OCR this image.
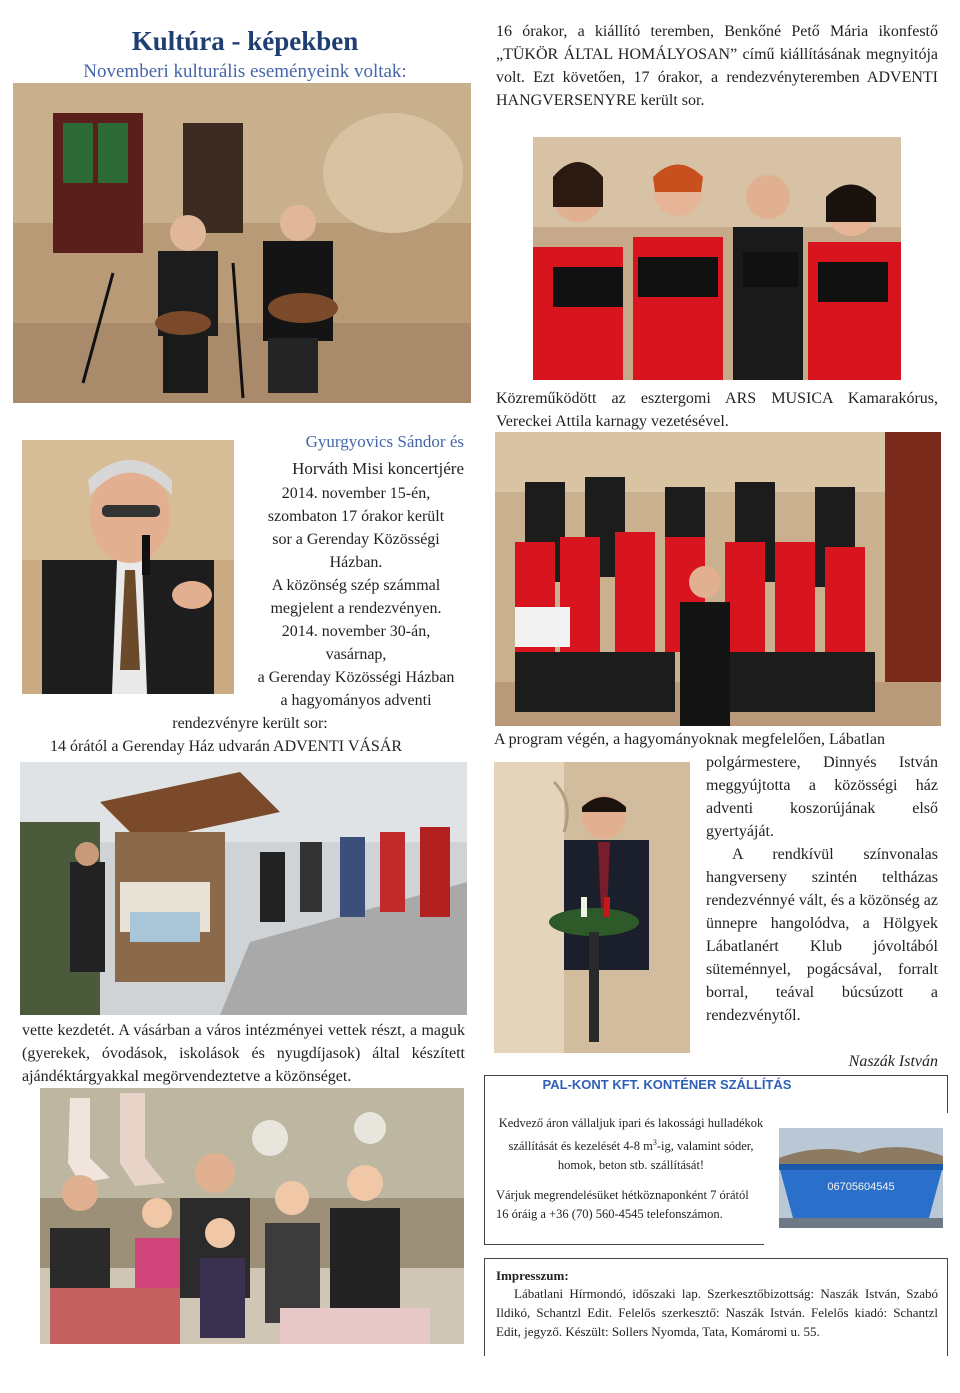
Kultúra - képekben
Novemberi kulturális eseményeink voltak:
16 órakor, a kiállító teremben, Benkőné Pető Mária ikonfestő „TÜKÖR ÁLTAL HOMÁLYOSAN” című kiállításának megnyitója volt. Ezt követően, 17 órakor, a rendezvényteremben ADVENTI HANGVERSENYRE került sor.
Gyurgyovics Sándor és
Horváth Misi koncertjére
2014. november 15-én,
szombaton 17 órakor került
sor a Gerenday Közösségi
Házban.
A közönség szép számmal
megjelent a rendezvényen.
2014. november 30-án,
vasárnap,
a Gerenday Közösségi Házban
a hagyományos adventi
rendezvényre került sor:
14 órától a Gerenday Ház udvarán ADVENTI VÁSÁR
vette kezdetét. A vásárban a város intézményei vettek részt, a maguk (gyerekek, óvodások, iskolások és nyugdíjasok) által készített ajándéktárgyakkal megörvendeztetve a közönséget.
Közreműködött az esztergomi ARS MUSICA Kamarakórus, Vereckei Attila karnagy vezetésével.
A program végén, a hagyományoknak megfelelően, Lábatlan
polgármestere, Dinnyés István meggyújtotta a közösségi ház adventi koszorújának első gyertyáját.
A rendkívül színvonalas hangverseny szintén teltházas rendezvénnyé vált, és a közönség az ünnepre hangolódva, a Hölgyek Lábatlanért Klub jóvoltából süteménnyel, pogácsával, forralt borral, teával búcsúzott a rendezvénytől.
Naszák István
PAL-KONT KFT. KONTÉNER SZÁLLÍTÁS
Kedvező áron vállaljuk ipari és lakossági hulladékok szállítását és kezelését 4-8 $m^3-ig$, valamint sóder, homok, beton stb. szállítását!
Várjuk megrendelésüket hétköznaponként 7 órától 16 óráig a +36 (70) 560-4545 telefonszámon.
06705604545
Impresszum:
Lábatlani Hírmondó, időszaki lap. Szerkesztőbizottság: Naszák István, Szabó Ildikó, Schantzl Edit. Felelős szerkesztő: Naszák István. Felelős kiadó: Schantzl Edit, jegyző. Készült: Sollers Nyomda, Tata, Komáromi u. 55.
